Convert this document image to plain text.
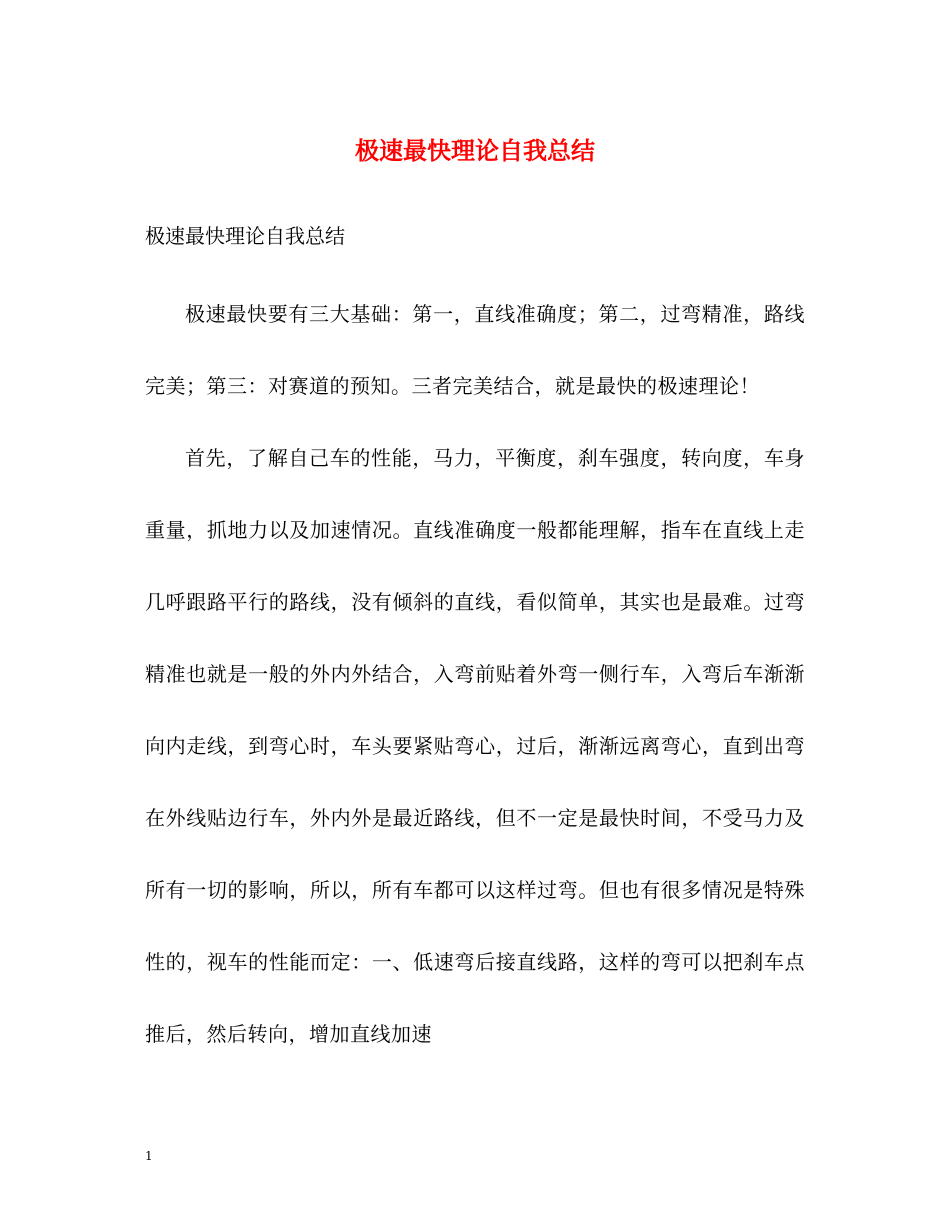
极速最快理论自我总结

极速最快理论自我总结

极速最快要有三大基础：第一，直线准确度；第二，过弯精准，路线完美；第三：对赛道的预知。三者完美结合，就是最快的极速理论！

首先，了解自己车的性能，马力，平衡度，刹车强度，转向度，车身重量，抓地力以及加速情况。直线准确度一般都能理解，指车在直线上走几呼跟路平行的路线，没有倾斜的直线，看似简单，其实也是最难。过弯精准也就是一般的外内外结合，入弯前贴着外弯一侧行车，入弯后车渐渐向内走线，到弯心时，车头要紧贴弯心，过后，渐渐远离弯心，直到出弯在外线贴边行车，外内外是最近路线，但不一定是最快时间，不受马力及所有一切的影响，所以，所有车都可以这样过弯。但也有很多情况是特殊性的，视车的性能而定：一、低速弯后接直线路，这样的弯可以把刹车点推后，然后转向，增加直线加速

1
